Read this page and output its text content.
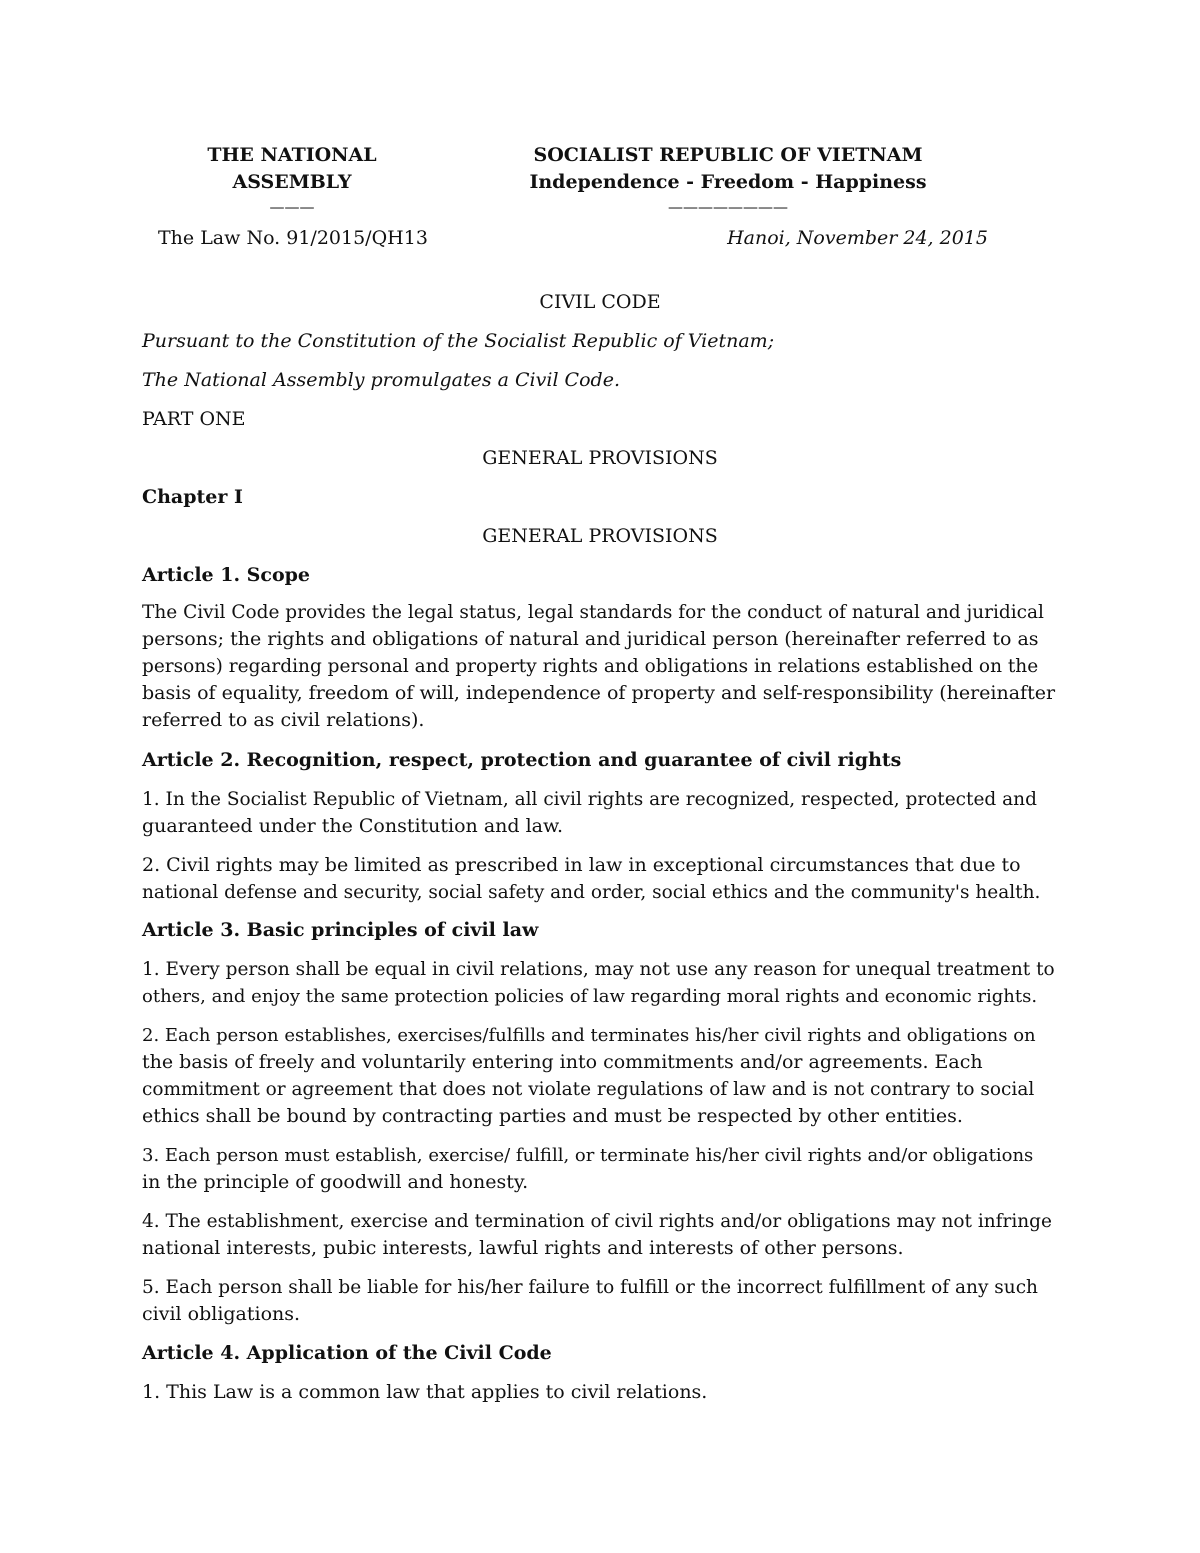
THE NATIONAL
ASSEMBLY
———
The Law No. 91/2015/QH13
SOCIALIST REPUBLIC OF VIETNAM
Independence - Freedom - Happiness
————————
Hanoi, November 24, 2015
CIVIL CODE
Pursuant to the Constitution of the Socialist Republic of Vietnam;
The National Assembly promulgates a Civil Code.
PART ONE
GENERAL PROVISIONS
Chapter I
GENERAL PROVISIONS
Article 1. Scope
The Civil Code provides the legal status, legal standards for the conduct of natural and juridical
persons; the rights and obligations of natural and juridical person (hereinafter referred to as
persons) regarding personal and property rights and obligations in relations established on the
basis of equality, freedom of will, independence of property and self-responsibility (hereinafter
referred to as civil relations).
Article 2. Recognition, respect, protection and guarantee of civil rights
1. In the Socialist Republic of Vietnam, all civil rights are recognized, respected, protected and
guaranteed under the Constitution and law.
2. Civil rights may be limited as prescribed in law in exceptional circumstances that due to
national defense and security, social safety and order, social ethics and the community's health.
Article 3. Basic principles of civil law
1. Every person shall be equal in civil relations, may not use any reason for unequal treatment to
others, and enjoy the same protection policies of law regarding moral rights and economic rights.
2. Each person establishes, exercises/fulfills and terminates his/her civil rights and obligations on
the basis of freely and voluntarily entering into commitments and/or agreements. Each
commitment or agreement that does not violate regulations of law and is not contrary to social
ethics shall be bound by contracting parties and must be respected by other entities.
3. Each person must establish, exercise/ fulfill, or terminate his/her civil rights and/or obligations
in the principle of goodwill and honesty.
4. The establishment, exercise and termination of civil rights and/or obligations may not infringe
national interests, pubic interests, lawful rights and interests of other persons.
5. Each person shall be liable for his/her failure to fulfill or the incorrect fulfillment of any such
civil obligations.
Article 4. Application of the Civil Code
1. This Law is a common law that applies to civil relations.
